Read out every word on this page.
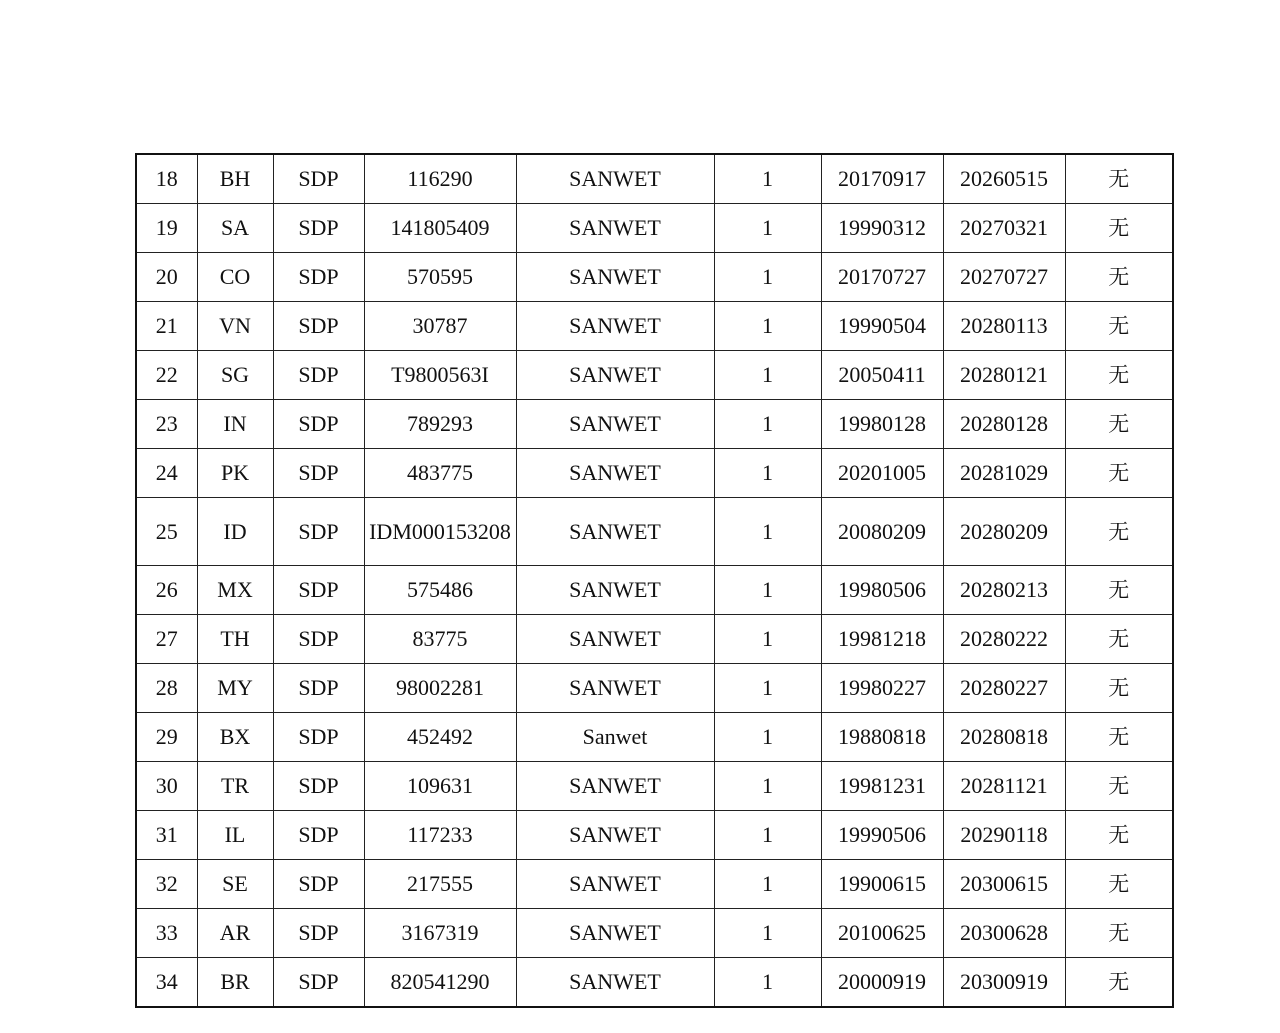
18	BH	SDP	116290	SANWET	1	20170917	20260515	无
19	SA	SDP	141805409	SANWET	1	19990312	20270321	无
20	CO	SDP	570595	SANWET	1	20170727	20270727	无
21	VN	SDP	30787	SANWET	1	19990504	20280113	无
22	SG	SDP	T9800563I	SANWET	1	20050411	20280121	无
23	IN	SDP	789293	SANWET	1	19980128	20280128	无
24	PK	SDP	483775	SANWET	1	20201005	20281029	无
25	ID	SDP	IDM000153208	SANWET	1	20080209	20280209	无
26	MX	SDP	575486	SANWET	1	19980506	20280213	无
27	TH	SDP	83775	SANWET	1	19981218	20280222	无
28	MY	SDP	98002281	SANWET	1	19980227	20280227	无
29	BX	SDP	452492	Sanwet	1	19880818	20280818	无
30	TR	SDP	109631	SANWET	1	19981231	20281121	无
31	IL	SDP	117233	SANWET	1	19990506	20290118	无
32	SE	SDP	217555	SANWET	1	19900615	20300615	无
33	AR	SDP	3167319	SANWET	1	20100625	20300628	无
34	BR	SDP	820541290	SANWET	1	20000919	20300919	无
